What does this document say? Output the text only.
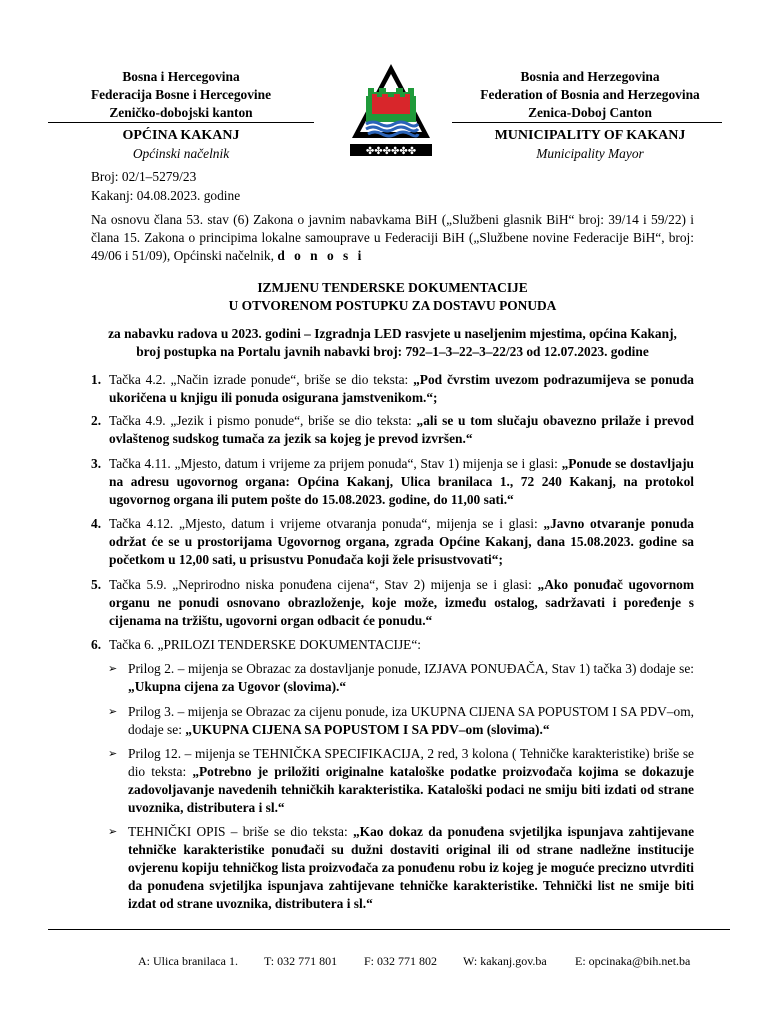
Bosna i Hercegovina
Federacija Bosne i Hercegovine
Zeničko-dobojski kanton
✤✤✤✤✤✤
Bosnia and Herzegovina
Federation of Bosnia and Herzegovina
Zenica-Doboj Canton
OPĆINA KAKANJ
Općinski načelnik
MUNICIPALITY OF KAKANJ
Municipality Mayor
Broj: 02/1–5279/23
Kakanj: 04.08.2023. godine
Na osnovu člana 53. stav (6) Zakona o javnim nabavkama BiH („Službeni glasnik BiH“ broj: 39/14 i 59/22) i člana 15. Zakona o principima lokalne samouprave u Federaciji BiH („Službene novine Federacije BiH“, broj: 49/06 i 51/09), Općinski načelnik, d o n o s i
IZMJENU TENDERSKE DOKUMENTACIJE
U OTVORENOM POSTUPKU ZA DOSTAVU PONUDA
za nabavku radova u 2023. godini – Izgradnja LED rasvjete u naseljenim mjestima, općina Kakanj,
broj postupka na Portalu javnih nabavki broj: 792–1–3–22–3–22/23 od 12.07.2023. godine
1. Tačka 4.2. „Način izrade ponude“, briše se dio teksta: „Pod čvrstim uvezom podrazumijeva se ponuda ukoričena u knjigu ili ponuda osigurana jamstvenikom.“;
2. Tačka 4.9. „Jezik i pismo ponude“, briše se dio teksta: „ali se u tom slučaju obavezno prilaže i prevod ovlaštenog sudskog tumača za jezik sa kojeg je prevod izvršen.“
3. Tačka 4.11. „Mjesto, datum i vrijeme za prijem ponuda“, Stav 1) mijenja se i glasi: „Ponude se dostavljaju na adresu ugovornog organa: Općina Kakanj, Ulica branilaca 1., 72 240 Kakanj, na protokol ugovornog organa ili putem pošte do 15.08.2023. godine, do 11,00 sati.“
4. Tačka 4.12. „Mjesto, datum i vrijeme otvaranja ponuda“, mijenja se i glasi: „Javno otvaranje ponuda održat će se u prostorijama Ugovornog organa, zgrada Općine Kakanj, dana 15.08.2023. godine sa početkom u 12,00 sati, u prisustvu Ponuđača koji žele prisustvovati“;
5. Tačka 5.9. „Neprirodno niska ponuđena cijena“, Stav 2) mijenja se i glasi: „Ako ponuđač ugovornom organu ne ponudi osnovano obrazloženje, koje može, između ostalog, sadržavati i poređenje s cijenama na tržištu, ugovorni organ odbacit će ponudu.“
6. Tačka 6. „PRILOZI TENDERSKE DOKUMENTACIJE“:
➢ Prilog 2. – mijenja se Obrazac za dostavljanje ponude, IZJAVA PONUĐAČA, Stav 1) tačka 3) dodaje se: „Ukupna cijena za Ugovor (slovima).“
➢ Prilog 3. – mijenja se Obrazac za cijenu ponude, iza UKUPNA CIJENA SA POPUSTOM I SA PDV–om, dodaje se: „UKUPNA CIJENA SA POPUSTOM I SA PDV–om (slovima).“
➢ Prilog 12. – mijenja se TEHNIČKA SPECIFIKACIJA, 2 red, 3 kolona ( Tehničke karakteristike) briše se dio teksta: „Potrebno je priložiti originalne kataloške podatke proizvođača kojima se dokazuje zadovoljavanje navedenih tehničkih karakteristika. Kataloški podaci ne smiju biti izdati od strane uvoznika, distributera i sl.“
➢ TEHNIČKI OPIS – briše se dio teksta: „Kao dokaz da ponuđena svjetiljka ispunjava zahtijevane tehničke karakteristike ponuđači su dužni dostaviti original ili od strane nadležne institucije ovjerenu kopiju tehničkog lista proizvođača za ponuđenu robu iz kojeg je moguće precizno utvrditi da ponuđena svjetiljka ispunjava zahtijevane tehničke karakteristike. Tehnički list ne smije biti izdat od strane uvoznika, distributera i sl.“
A: Ulica branilaca 1. T: 032 771 801 F: 032 771 802 W: kakanj.gov.ba E: opcinaka@bih.net.ba
